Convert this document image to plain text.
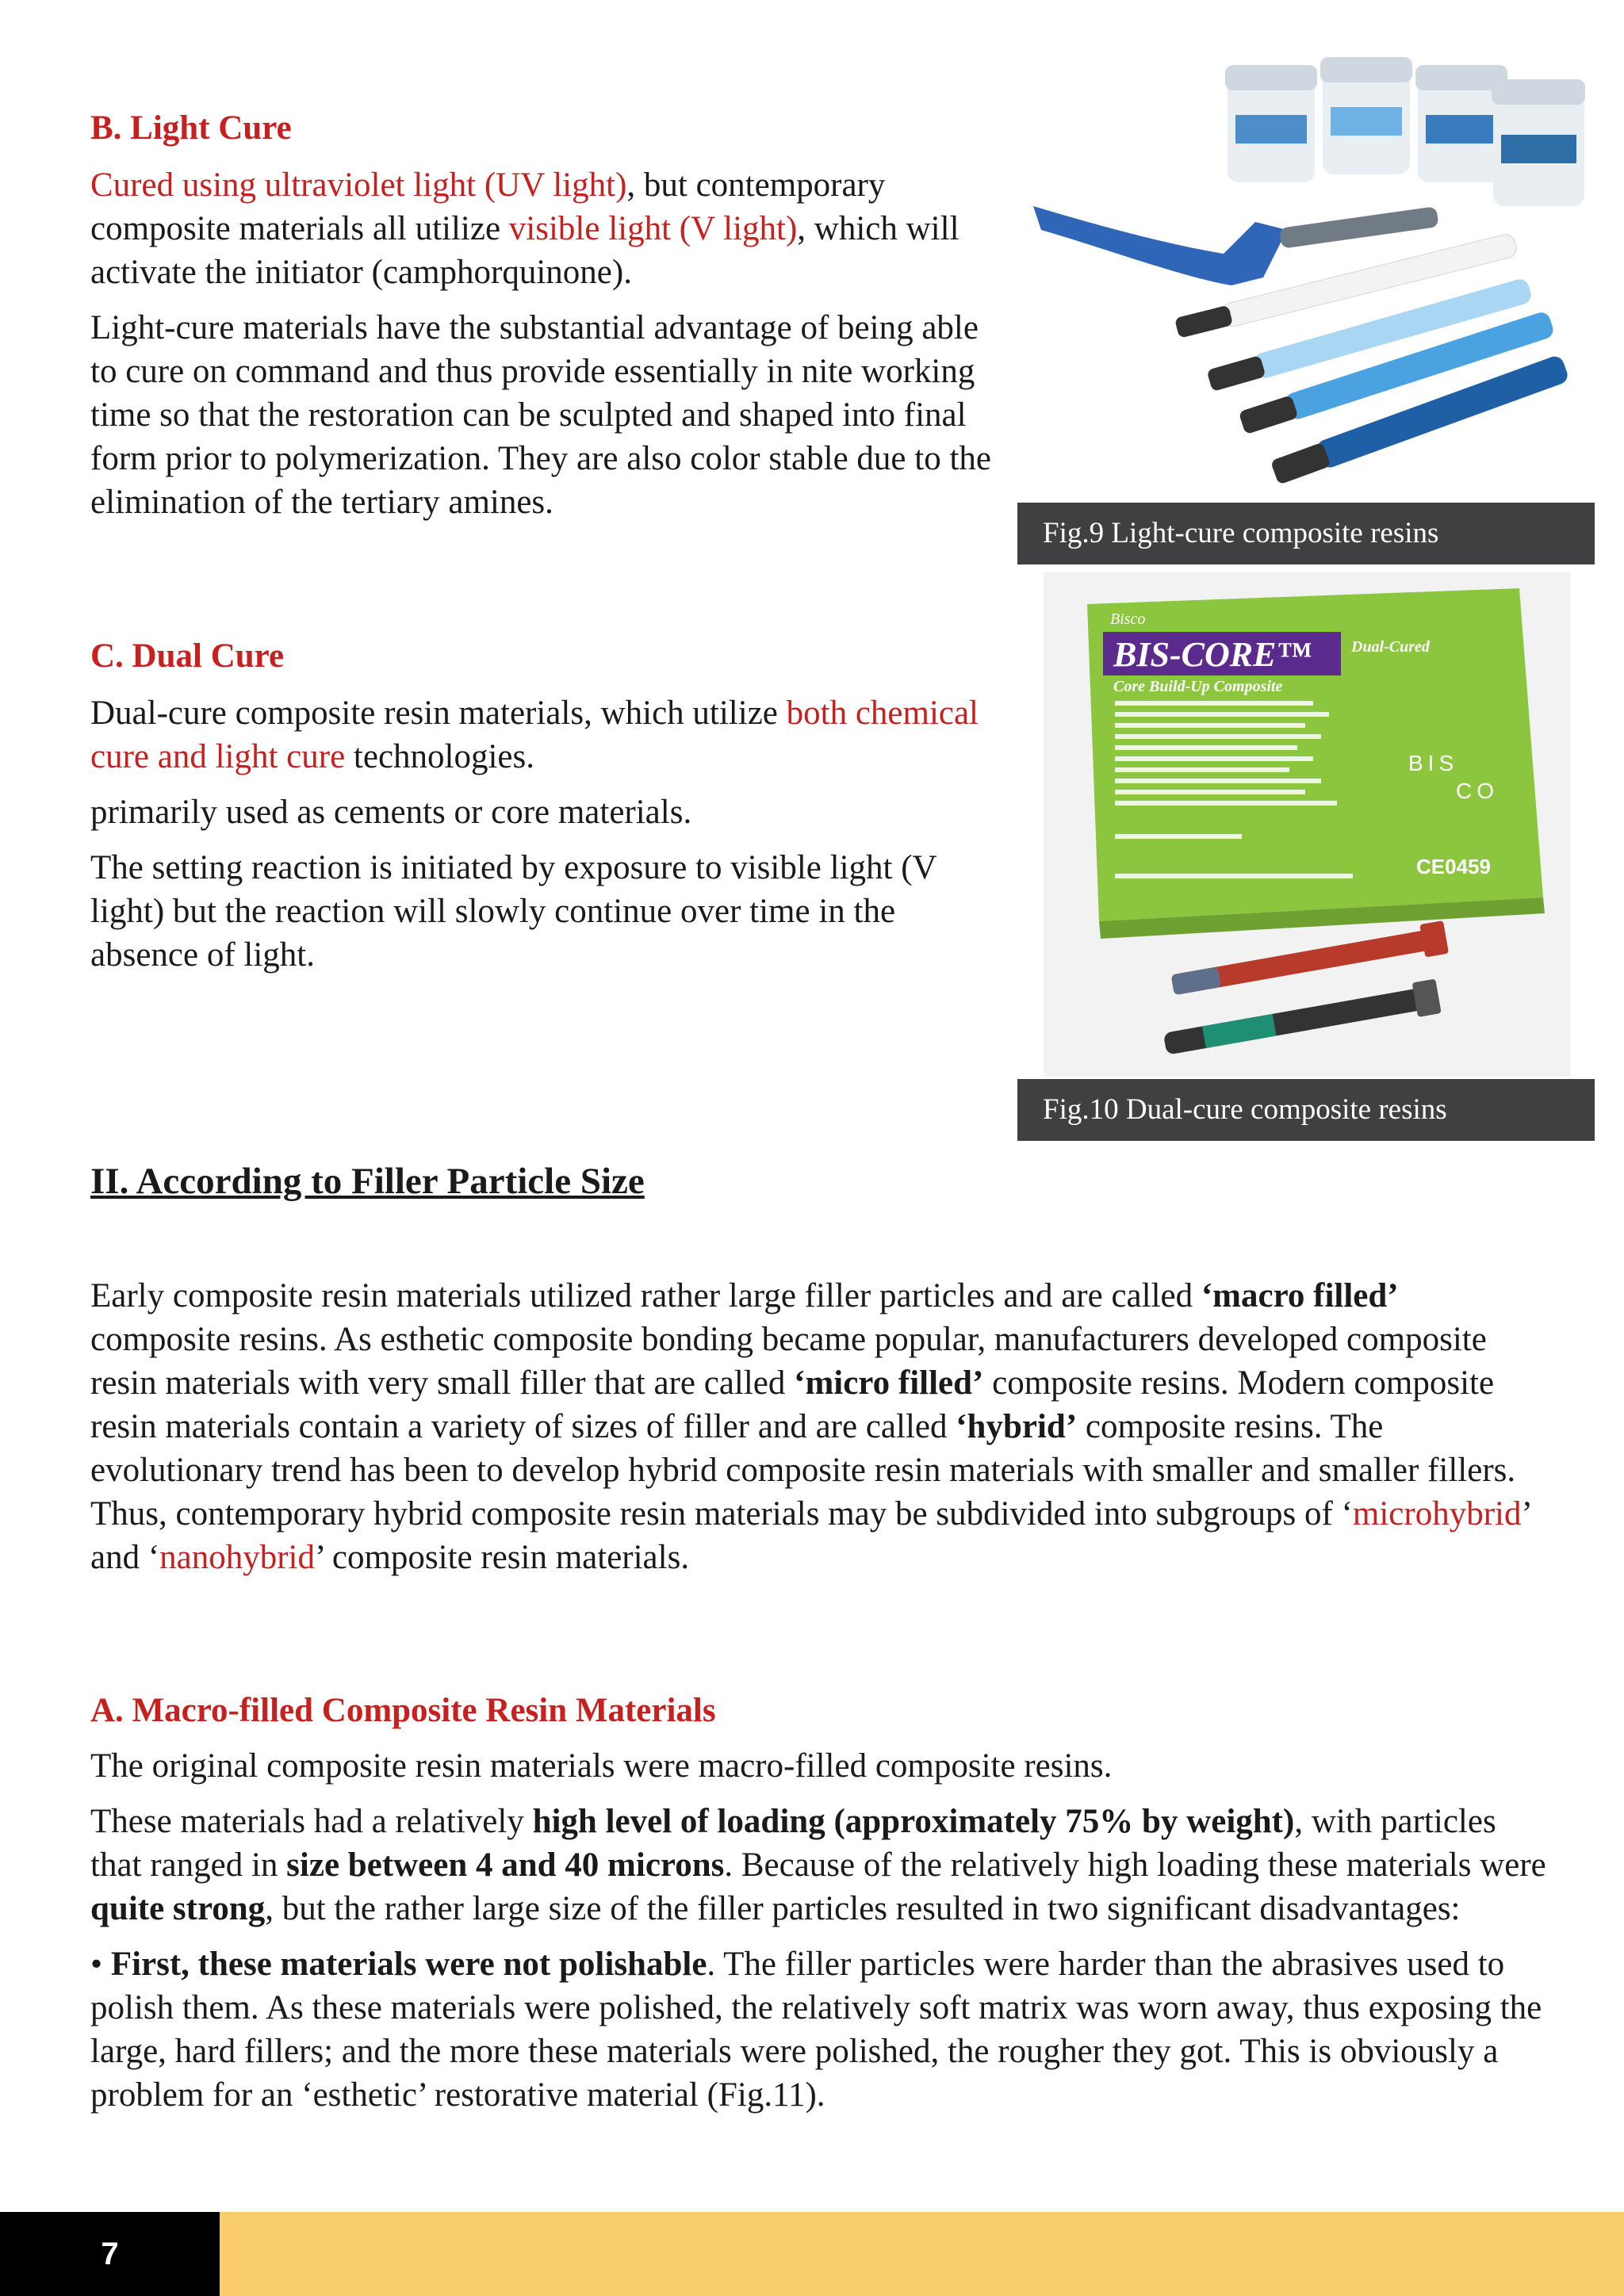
B. Light Cure

Cured using ultraviolet light (UV light), but contemporary composite materials all utilize visible light (V light), which will activate the initiator (camphorquinone).

Light-cure materials have the substantial advantage of being able to cure on command and thus provide essentially in nite working time so that the restoration can be sculpted and shaped into final form prior to polymerization. They are also color stable due to the elimination of the tertiary amines.

C. Dual Cure

Dual-cure composite resin materials, which utilize both chemical cure and light cure technologies.

primarily used as cements or core materials.

The setting reaction is initiated by exposure to visible light (V light) but the reaction will slowly continue over time in the absence of light.

Fig.9 Light-cure composite resins
Bisco
BIS-CORE™	Dual-Cured
Core Build-Up Composite
BIS
CO
CE0459
Fig.10 Dual-cure composite resins
II. According to Filler Particle Size

Early composite resin materials utilized rather large filler particles and are called ‘macro filled’ composite resins. As esthetic composite bonding became popular, manufacturers developed composite resin materials with very small filler that are called ‘micro filled’ composite resins. Modern composite resin materials contain a variety of sizes of filler and are called ‘hybrid’ composite resins. The evolutionary trend has been to develop hybrid composite resin materials with smaller and smaller fillers. Thus, contemporary hybrid composite resin materials may be subdivided into subgroups of ‘microhybrid’ and ‘nanohybrid’ composite resin materials.

A. Macro-filled Composite Resin Materials

The original composite resin materials were macro-filled composite resins.

These materials had a relatively high level of loading (approximately 75% by weight), with particles that ranged in size between 4 and 40 microns. Because of the relatively high loading these materials were quite strong, but the rather large size of the filler particles resulted in two significant disadvantages:

• First, these materials were not polishable. The filler particles were harder than the abrasives used to polish them. As these materials were polished, the relatively soft matrix was worn away, thus exposing the large, hard fillers; and the more these materials were polished, the rougher they got. This is obviously a problem for an ‘esthetic’ restorative material (Fig.11).

7
